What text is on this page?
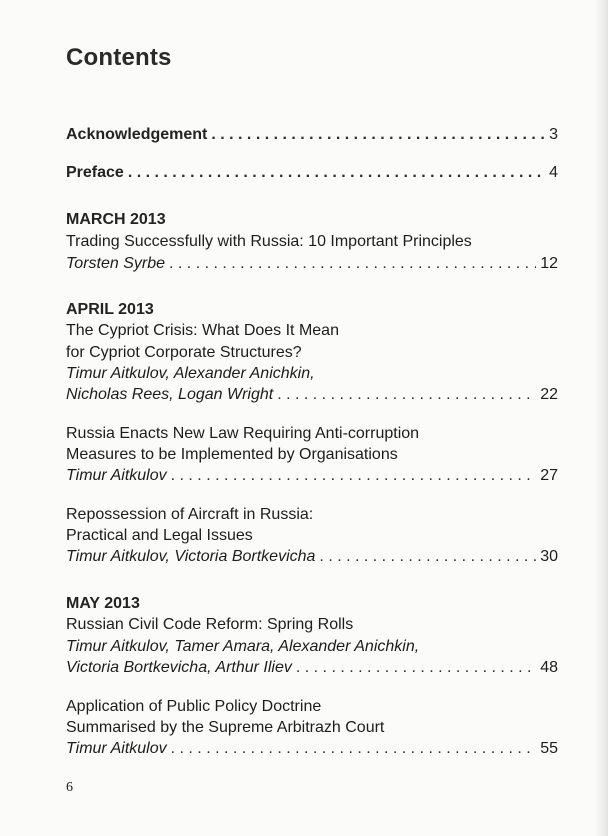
Contents
Acknowledgement . . .	3
Preface . . .	4
MARCH 2013
Trading Successfully with Russia: 10 Important Principles
Torsten Syrbe . . .	12
APRIL 2013
The Cypriot Crisis: What Does It Mean
for Cypriot Corporate Structures?
Timur Aitkulov, Alexander Anichkin,
Nicholas Rees, Logan Wright . . .	22
Russia Enacts New Law Requiring Anti-corruption
Measures to be Implemented by Organisations
Timur Aitkulov . . .	27
Repossession of Aircraft in Russia:
Practical and Legal Issues
Timur Aitkulov, Victoria Bortkevicha . . .	30
MAY 2013
Russian Civil Code Reform: Spring Rolls
Timur Aitkulov, Tamer Amara, Alexander Anichkin,
Victoria Bortkevicha, Arthur Iliev . . .	48
Application of Public Policy Doctrine
Summarised by the Supreme Arbitrazh Court
Timur Aitkulov . . .	55
6
